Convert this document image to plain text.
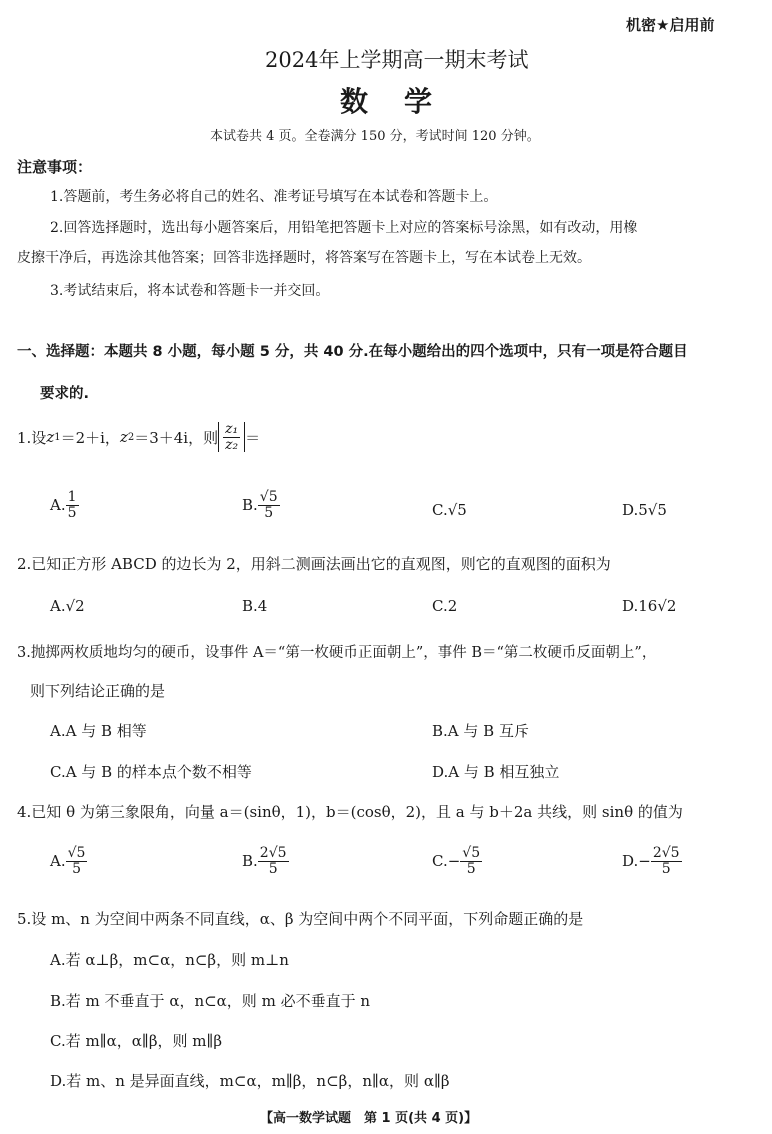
机密★启用前
2024年上学期高一期末考试
数　学
本试卷共 4 页。全卷满分 150 分，考试时间 120 分钟。
注意事项：
1.答题前，考生务必将自己的姓名、准考证号填写在本试卷和答题卡上。
2.回答选择题时，选出每小题答案后，用铅笔把答题卡上对应的答案标号涂黑，如有改动，用橡
皮擦干净后，再选涂其他答案；回答非选择题时，将答案写在答题卡上，写在本试卷上无效。
3.考试结束后，将本试卷和答题卡一并交回。
一、选择题：本题共 8 小题，每小题 5 分，共 40 分.在每小题给出的四个选项中，只有一项是符合题目
要求的.
1.设 z 1 ＝2＋i， z 2 ＝3＋4i，则 $\frac{\text{z₁}}{\text{z₂}}$ ＝
A. $\frac{1}{5}$	B. $\frac{√5}{5}$	C.√5	D.5√5
2.已知正方形 ABCD 的边长为 2，用斜二测画法画出它的直观图，则它的直观图的面积为
A.√2	B.4	C.2	D.16√2
3.抛掷两枚质地均匀的硬币，设事件 A＝“第一枚硬币正面朝上”，事件 B＝“第二枚硬币反面朝上”，
则下列结论正确的是
A.A 与 B 相等	B.A 与 B 互斥
C.A 与 B 的样本点个数不相等	D.A 与 B 相互独立
4.已知 θ 为第三象限角，向量 a＝(sinθ，1)，b＝(cosθ，2)，且 a 与 b＋2a 共线，则 sinθ 的值为
A. $\frac{√5}{5}$	B. $\frac{2√5}{5}$	$C.- \frac{√5}{5}$	$D.- \frac{2√5}{5}$
5.设 m、n 为空间中两条不同直线，α、β 为空间中两个不同平面，下列命题正确的是
A.若 α⊥β，m⊂α，n⊂β，则 m⊥n
B.若 m 不垂直于 α，n⊂α，则 m 必不垂直于 n
C.若 m∥α，α∥β，则 m∥β
D.若 m、n 是异面直线，m⊂α，m∥β，n⊂β，n∥α，则 α∥β
【高一数学试题　第 1 页(共 4 页)】
